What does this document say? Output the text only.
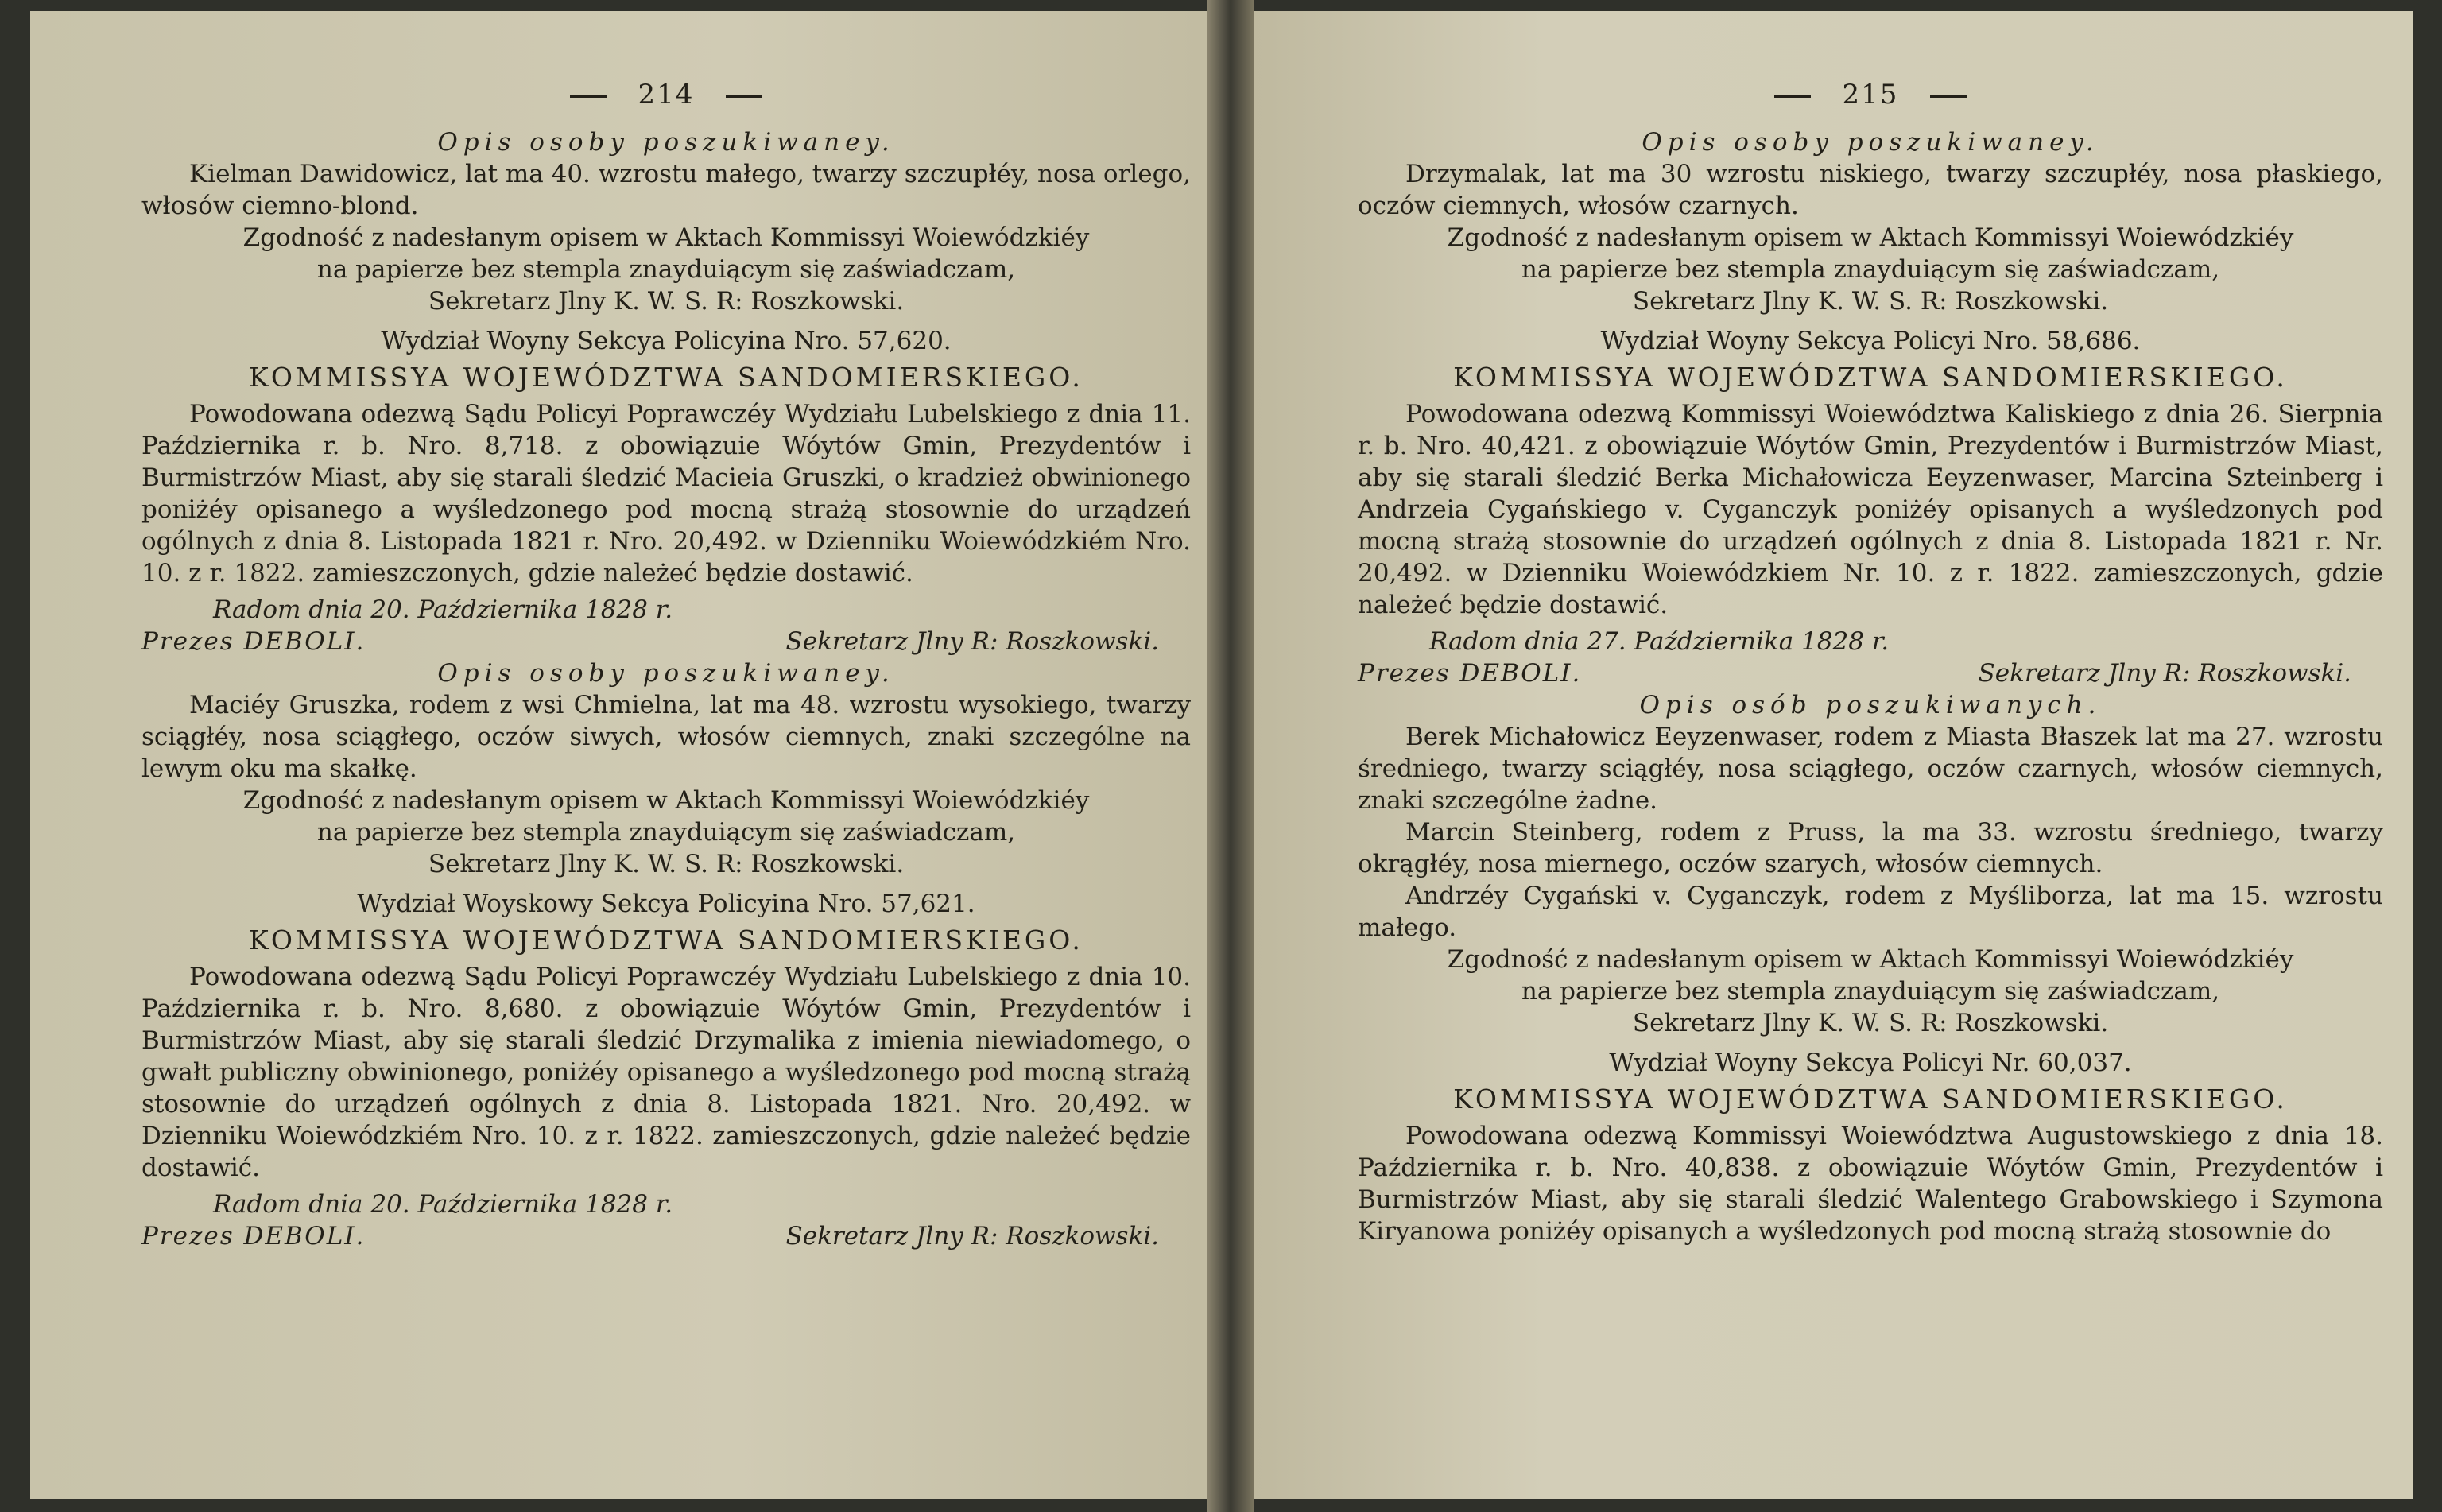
214

Opis osoby poszukiwaney.

Kielman Dawidowicz, lat ma 40. wzrostu małego, twarzy szczupłéy, nosa orlego, włosów ciemno-blond.

Zgodność z nadesłanym opisem w Aktach Kommissyi Woiewódzkiéy

na papierze bez stempla znayduiącym się zaświadczam,

Sekretarz Jlny K. W. S. R: Roszkowski.

Wydział Woyny Sekcya Policyina Nro. 57,620.

KOMMISSYA WOJEWÓDZTWA SANDOMIERSKIEGO.

Powodowana odezwą Sądu Policyi Poprawczéy Wydziału Lubelskiego z dnia 11. Października r. b. Nro. 8,718. z obowiązuie Wóytów Gmin, Prezydentów i Burmistrzów Miast, aby się starali śledzić Macieia Gruszki, o kradzież obwinionego poniżéy opisanego a wyśledzonego pod mocną strażą stosownie do urządzeń ogólnych z dnia 8. Listopada 1821 r. Nro. 20,492. w Dzienniku Woiewódzkiém Nro. 10. z r. 1822. zamieszczonych, gdzie należeć będzie dostawić.

Radom dnia 20. Października 1828 r.

Prezes DEBOLI.	Sekretarz Jlny R: Roszkowski.

Opis osoby poszukiwaney.

Maciéy Gruszka, rodem z wsi Chmielna, lat ma 48. wzrostu wysokiego, twarzy sciągłéy, nosa sciągłego, oczów siwych, włosów ciemnych, znaki szczególne na lewym oku ma skałkę.

Zgodność z nadesłanym opisem w Aktach Kommissyi Woiewódzkiéy

na papierze bez stempla znayduiącym się zaświadczam,

Sekretarz Jlny K. W. S. R: Roszkowski.

Wydział Woyskowy Sekcya Policyina Nro. 57,621.

KOMMISSYA WOJEWÓDZTWA SANDOMIERSKIEGO.

Powodowana odezwą Sądu Policyi Poprawczéy Wydziału Lubelskiego z dnia 10. Października r. b. Nro. 8,680. z obowiązuie Wóytów Gmin, Prezydentów i Burmistrzów Miast, aby się starali śledzić Drzymalika z imienia niewiadomego, o gwałt publiczny obwinionego, poniżéy opisanego a wyśledzonego pod mocną strażą stosownie do urządzeń ogólnych z dnia 8. Listopada 1821. Nro. 20,492. w Dzienniku Woiewódzkiém Nro. 10. z r. 1822. zamieszczonych, gdzie należeć będzie dostawić.

Radom dnia 20. Października 1828 r.

Prezes DEBOLI.	Sekretarz Jlny R: Roszkowski.
215

Opis osoby poszukiwaney.

Drzymalak, lat ma 30 wzrostu niskiego, twarzy szczupłéy, nosa płaskiego, oczów ciemnych, włosów czarnych.

Zgodność z nadesłanym opisem w Aktach Kommissyi Woiewódzkiéy

na papierze bez stempla znayduiącym się zaświadczam,

Sekretarz Jlny K. W. S. R: Roszkowski.

Wydział Woyny Sekcya Policyi Nro. 58,686.

KOMMISSYA WOJEWÓDZTWA SANDOMIERSKIEGO.

Powodowana odezwą Kommissyi Woiewództwa Kaliskiego z dnia 26. Sierpnia r. b. Nro. 40,421. z obowiązuie Wóytów Gmin, Prezydentów i Burmistrzów Miast, aby się starali śledzić Berka Michałowicza Eeyzenwaser, Marcina Szteinberg i Andrzeia Cygańskiego v. Cyganczyk poniżéy opisanych a wyśledzonych pod mocną strażą stosownie do urządzeń ogólnych z dnia 8. Listopada 1821 r. Nr. 20,492. w Dzienniku Woiewódzkiem Nr. 10. z r. 1822. zamieszczonych, gdzie należeć będzie dostawić.

Radom dnia 27. Października 1828 r.

Prezes DEBOLI.	Sekretarz Jlny R: Roszkowski.

Opis osób poszukiwanych.

Berek Michałowicz Eeyzenwaser, rodem z Miasta Błaszek lat ma 27. wzrostu średniego, twarzy sciągłéy, nosa sciągłego, oczów czarnych, włosów ciemnych, znaki szczególne żadne.

Marcin Steinberg, rodem z Pruss, la ma 33. wzrostu średniego, twarzy okrągłéy, nosa miernego, oczów szarych, włosów ciemnych.

Andrzéy Cygański v. Cyganczyk, rodem z Myśliborza, lat ma 15. wzrostu małego.

Zgodność z nadesłanym opisem w Aktach Kommissyi Woiewódzkiéy

na papierze bez stempla znayduiącym się zaświadczam,

Sekretarz Jlny K. W. S. R: Roszkowski.

Wydział Woyny Sekcya Policyi Nr. 60,037.

KOMMISSYA WOJEWÓDZTWA SANDOMIERSKIEGO.

Powodowana odezwą Kommissyi Woiewództwa Augustowskiego z dnia 18. Października r. b. Nro. 40,838. z obowiązuie Wóytów Gmin, Prezydentów i Burmistrzów Miast, aby się starali śledzić Walentego Grabowskiego i Szymona Kiryanowa poniżéy opisanych a wyśledzonych pod mocną strażą stosownie do
